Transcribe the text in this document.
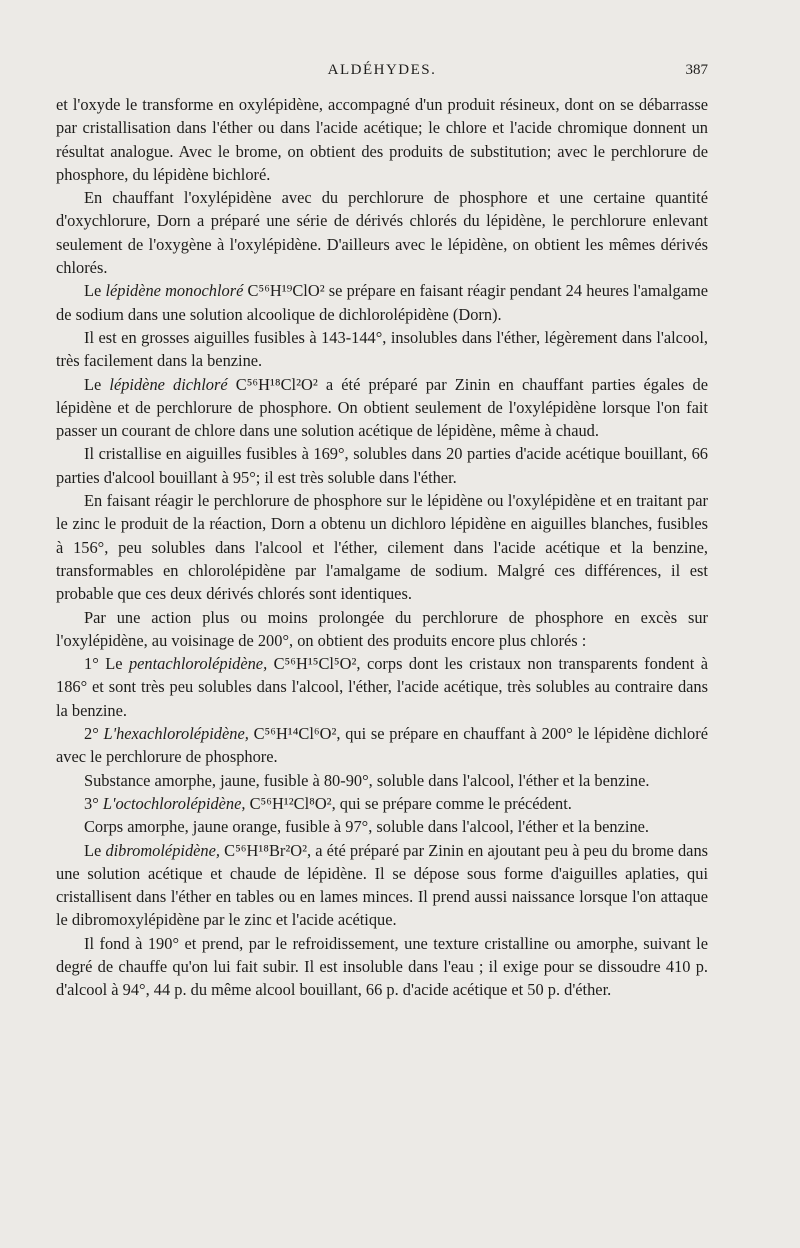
ALDÉHYDES.	387

et l'oxyde le transforme en oxylépidène, accompagné d'un produit résineux, dont on se débarrasse par cristallisation dans l'éther ou dans l'acide acétique; le chlore et l'acide chromique donnent un résultat analogue. Avec le brome, on obtient des produits de substitution; avec le perchlorure de phosphore, du lépidène bichloré.

En chauffant l'oxylépidène avec du perchlorure de phosphore et une certaine quantité d'oxychlorure, Dorn a préparé une série de dérivés chlorés du lépidène, le perchlorure enlevant seulement de l'oxygène à l'oxylépidène. D'ailleurs avec le lépidène, on obtient les mêmes dérivés chlorés.

Le lépidène monochloré C⁵⁶H¹⁹ClO² se prépare en faisant réagir pendant 24 heures l'amalgame de sodium dans une solution alcoolique de dichlorolépidène (Dorn).

Il est en grosses aiguilles fusibles à 143-144°, insolubles dans l'éther, légèrement dans l'alcool, très facilement dans la benzine.

Le lépidène dichloré C⁵⁶H¹⁸Cl²O² a été préparé par Zinin en chauffant parties égales de lépidène et de perchlorure de phosphore. On obtient seulement de l'oxylépidène lorsque l'on fait passer un courant de chlore dans une solution acétique de lépidène, même à chaud.

Il cristallise en aiguilles fusibles à 169°, solubles dans 20 parties d'acide acétique bouillant, 66 parties d'alcool bouillant à 95°; il est très soluble dans l'éther.

En faisant réagir le perchlorure de phosphore sur le lépidène ou l'oxylépidène et en traitant par le zinc le produit de la réaction, Dorn a obtenu un dichloro lépidène en aiguilles blanches, fusibles à 156°, peu solubles dans l'alcool et l'éther, cilement dans l'acide acétique et la benzine, transformables en chlorolépidène par l'amalgame de sodium. Malgré ces différences, il est probable que ces deux dérivés chlorés sont identiques.

Par une action plus ou moins prolongée du perchlorure de phosphore en excès sur l'oxylépidène, au voisinage de 200°, on obtient des produits encore plus chlorés :

1° Le pentachlorolépidène, C⁵⁶H¹⁵Cl⁵O², corps dont les cristaux non transparents fondent à 186° et sont très peu solubles dans l'alcool, l'éther, l'acide acétique, très solubles au contraire dans la benzine.

2° L'hexachlorolépidène, C⁵⁶H¹⁴Cl⁶O², qui se prépare en chauffant à 200° le lépidène dichloré avec le perchlorure de phosphore.

Substance amorphe, jaune, fusible à 80-90°, soluble dans l'alcool, l'éther et la benzine.

3° L'octochlorolépidène, C⁵⁶H¹²Cl⁸O², qui se prépare comme le précédent.

Corps amorphe, jaune orange, fusible à 97°, soluble dans l'alcool, l'éther et la benzine.

Le dibromolépidène, C⁵⁶H¹⁸Br²O², a été préparé par Zinin en ajoutant peu à peu du brome dans une solution acétique et chaude de lépidène. Il se dépose sous forme d'aiguilles aplaties, qui cristallisent dans l'éther en tables ou en lames minces. Il prend aussi naissance lorsque l'on attaque le dibromoxylépidène par le zinc et l'acide acétique.

Il fond à 190° et prend, par le refroidissement, une texture cristalline ou amorphe, suivant le degré de chauffe qu'on lui fait subir. Il est insoluble dans l'eau ; il exige pour se dissoudre 410 p. d'alcool à 94°, 44 p. du même alcool bouillant, 66 p. d'acide acétique et 50 p. d'éther.
